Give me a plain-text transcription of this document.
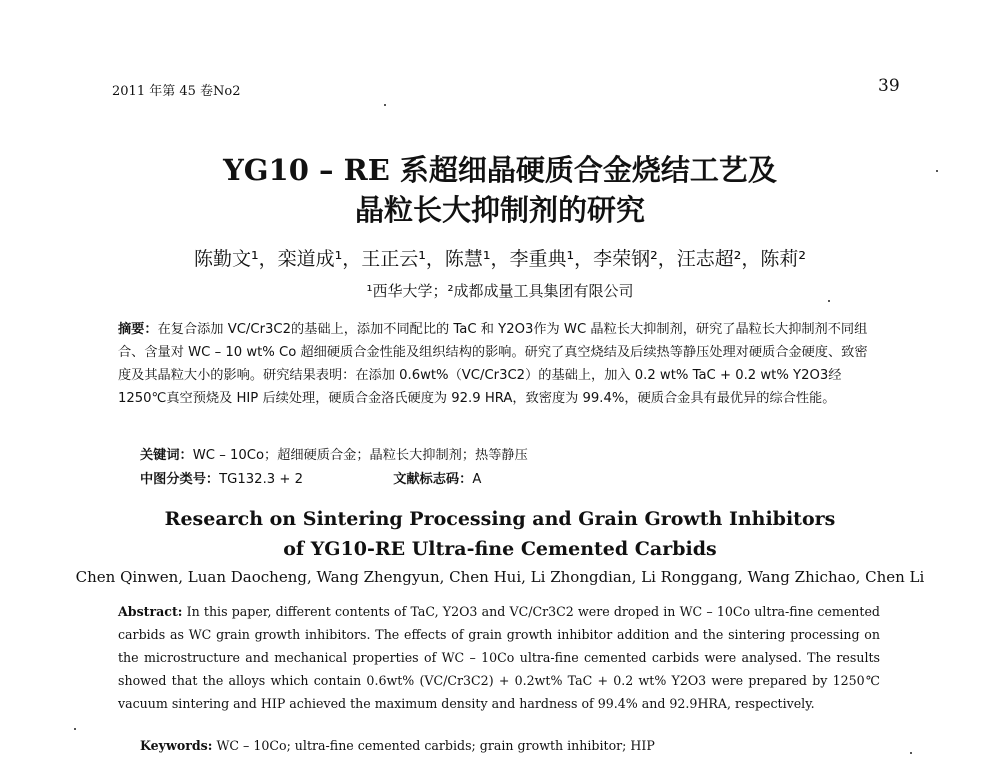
2011 年第 45 卷No2	39
YG10 – RE 系超细晶硬质合金烧结工艺及
晶粒长大抑制剂的研究
陈勤文¹，栾道成¹，王正云¹，陈慧¹，李重典¹，李荣钢²，汪志超²，陈莉²
¹西华大学；²成都成量工具集团有限公司
摘要：在复合添加 VC/Cr3C2的基础上，添加不同配比的 TaC 和 Y2O3作为 WC 晶粒长大抑制剂，研究了晶粒长大抑制剂不同组合、含量对 WC – 10 wt% Co 超细硬质合金性能及组织结构的影响。研究了真空烧结及后续热等静压处理对硬质合金硬度、致密度及其晶粒大小的影响。研究结果表明：在添加 0.6wt%（VC/Cr3C2）的基础上，加入 0.2 wt% TaC + 0.2 wt% Y2O3经 1250℃真空预烧及 HIP 后续处理，硬质合金洛氏硬度为 92.9 HRA，致密度为 99.4%，硬质合金具有最优异的综合性能。
关键词：WC – 10Co；超细硬质合金；晶粒长大抑制剂；热等静压
中图分类号：TG132.3 + 2	文献标志码：A
Research on Sintering Processing and Grain Growth Inhibitors
of YG10-RE Ultra-fine Cemented Carbids
Chen Qinwen, Luan Daocheng, Wang Zhengyun, Chen Hui, Li Zhongdian, Li Ronggang, Wang Zhichao, Chen Li
Abstract: In this paper, different contents of TaC, Y2O3 and VC/Cr3C2 were droped in WC – 10Co ultra-fine cemented carbids as WC grain growth inhibitors. The effects of grain growth inhibitor addition and the sintering processing on the microstructure and mechanical properties of WC – 10Co ultra-fine cemented carbids were analysed. The results showed that the alloys which contain 0.6wt% (VC/Cr3C2) + 0.2wt% TaC + 0.2 wt% Y2O3 were prepared by 1250℃ vacuum sintering and HIP achieved the maximum density and hardness of 99.4% and 92.9HRA, respectively.
Keywords: WC – 10Co; ultra-fine cemented carbids; grain growth inhibitor; HIP
